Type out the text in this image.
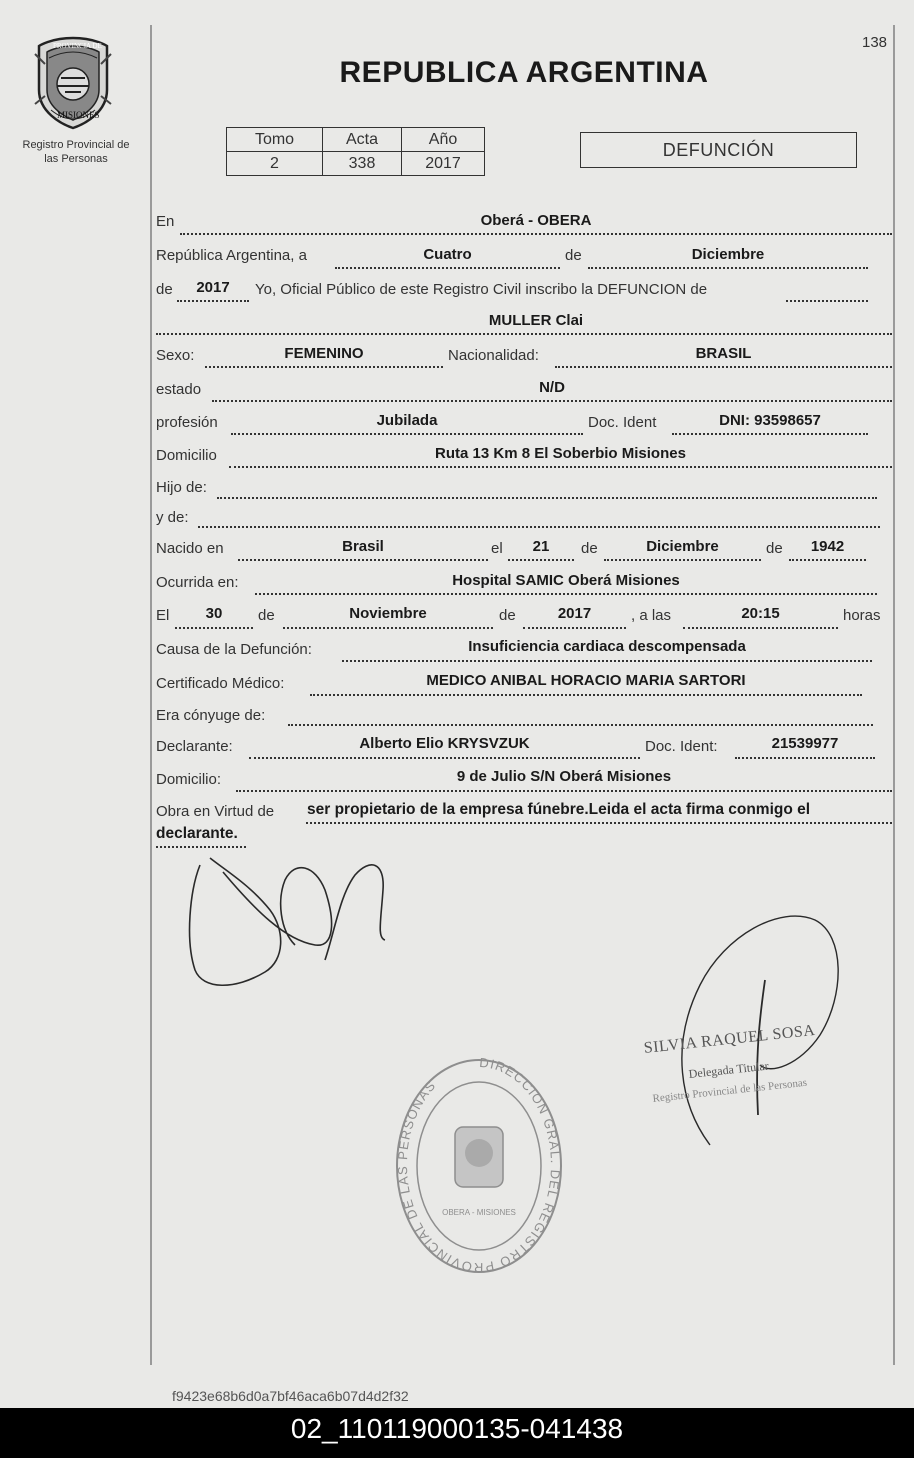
138
PROVINCIA DE
MISIONES
Registro Provincial de
las Personas
REPUBLICA ARGENTINA
Tomo	Acta	Año
2	338	2017
DEFUNCIÓN
En	Oberá - OBERA
República Argentina, a	Cuatro	de	Diciembre
de	2017	Yo, Oficial Público de este Registro Civil inscribo la DEFUNCION de
MULLER Clai
Sexo:	FEMENINO	Nacionalidad:	BRASIL
estado	N/D
profesión	Jubilada	Doc. Ident	DNI: 93598657
Domicilio	Ruta 13 Km 8 El Soberbio Misiones
Hijo de:
y de:
Nacido en	Brasil	el	21	de	Diciembre	de	1942
Ocurrida en:	Hospital SAMIC Oberá Misiones
El	30	de	Noviembre	de	2017	, a las	20:15	horas
Causa de la Defunción:	Insuficiencia cardiaca descompensada
Certificado Médico:	MEDICO ANIBAL HORACIO MARIA SARTORI
Era cónyuge de:
Declarante:	Alberto Elio KRYSVZUK	Doc. Ident:	21539977
Domicilio:	9 de Julio S/N Oberá Misiones
Obra en Virtud de ser propietario de la empresa fúnebre.Leida el acta firma conmigo el
declarante.
SILVIA RAQUEL SOSA
Delegada Titular
Registro Provincial de las Personas
DIRECCION GRAL. DEL REGISTRO PROVINCIAL DE LAS PERSONAS
OBERA - MISIONES
f9423e68b6d0a7bf46aca6b07d4d2f32
02_110119000135-041438
